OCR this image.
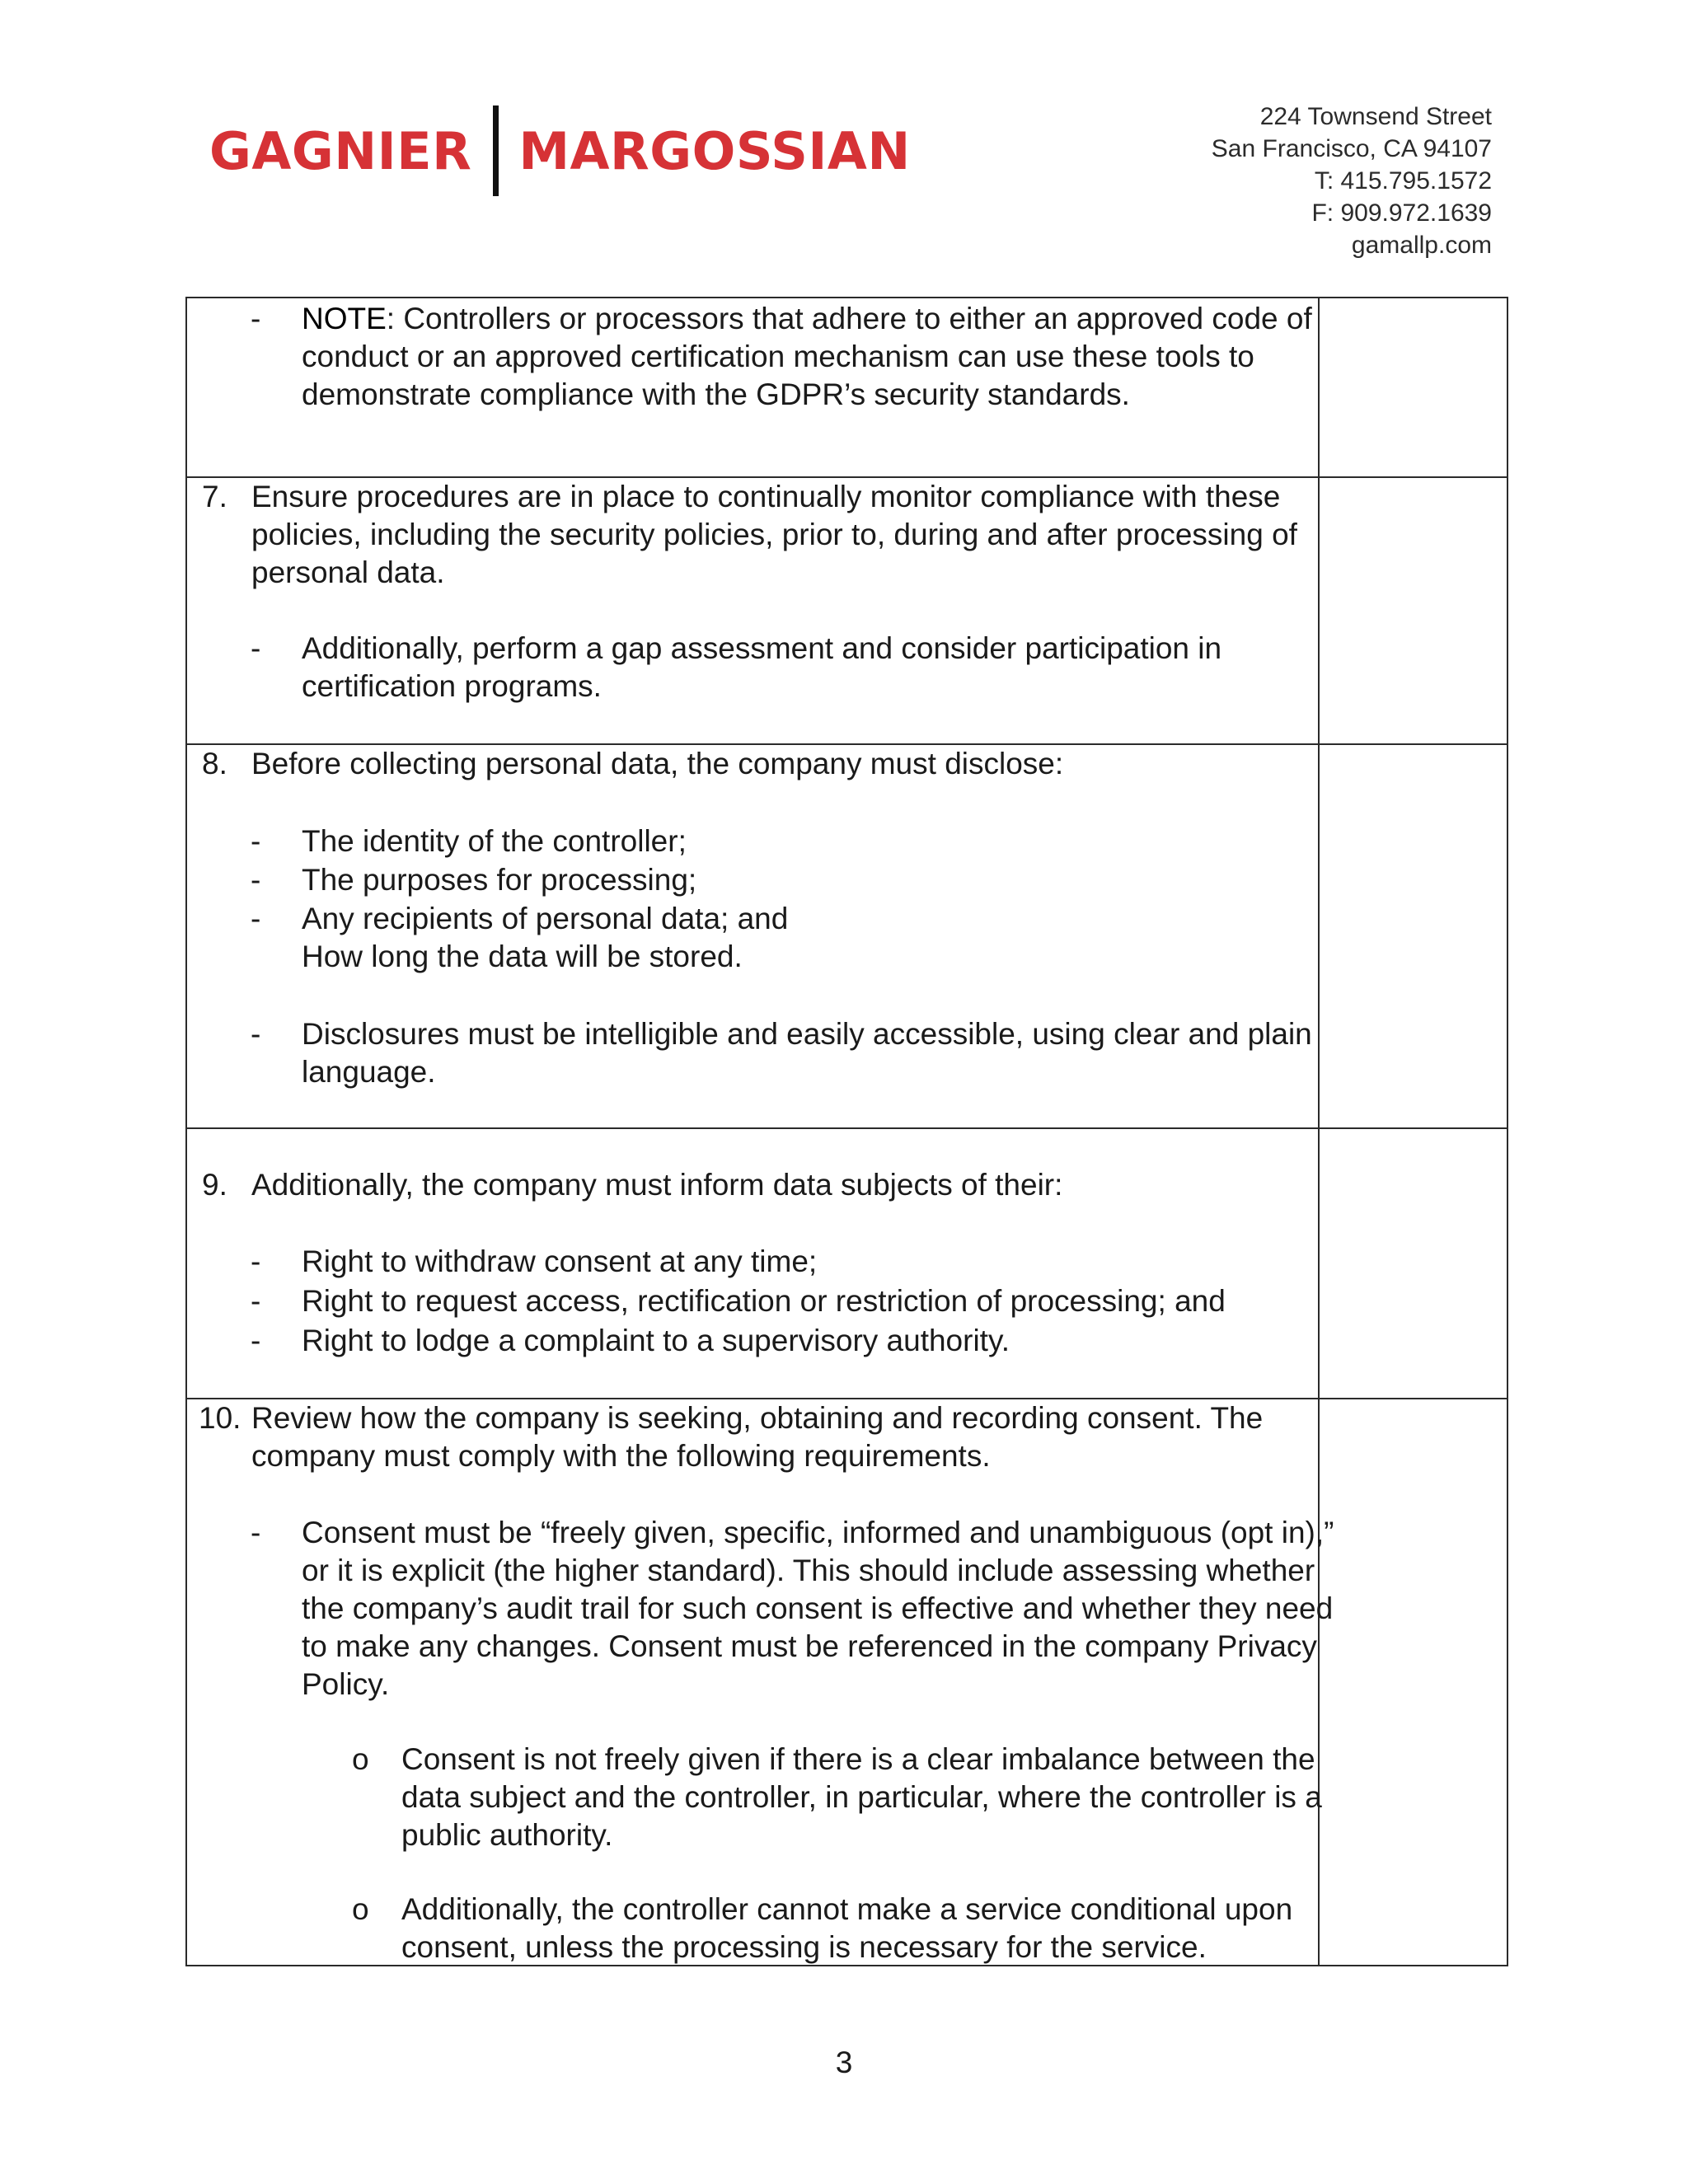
GAGNIER MARGOSSIAN
224 Townsend Street
San Francisco, CA 94107
T: 415.795.1572
F: 909.972.1639
gamallp.com
- NOTE: Controllers or processors that adhere to either an approved code of
conduct or an approved certification mechanism can use these tools to
demonstrate compliance with the GDPR’s security standards.
7. Ensure procedures are in place to continually monitor compliance with these
policies, including the security policies, prior to, during and after processing of
personal data.
- Additionally, perform a gap assessment and consider participation in
certification programs.
8. Before collecting personal data, the company must disclose:
- The identity of the controller;
- The purposes for processing;
- Any recipients of personal data; and
How long the data will be stored.
- Disclosures must be intelligible and easily accessible, using clear and plain
language.
9. Additionally, the company must inform data subjects of their:
- Right to withdraw consent at any time;
- Right to request access, rectification or restriction of processing; and
- Right to lodge a complaint to a supervisory authority.
10. Review how the company is seeking, obtaining and recording consent. The
company must comply with the following requirements.
- Consent must be “freely given, specific, informed and unambiguous (opt in),”
or it is explicit (the higher standard). This should include assessing whether
the company’s audit trail for such consent is effective and whether they need
to make any changes. Consent must be referenced in the company Privacy
Policy.
o Consent is not freely given if there is a clear imbalance between the
data subject and the controller, in particular, where the controller is a
public authority.
o Additionally, the controller cannot make a service conditional upon
consent, unless the processing is necessary for the service.
3
